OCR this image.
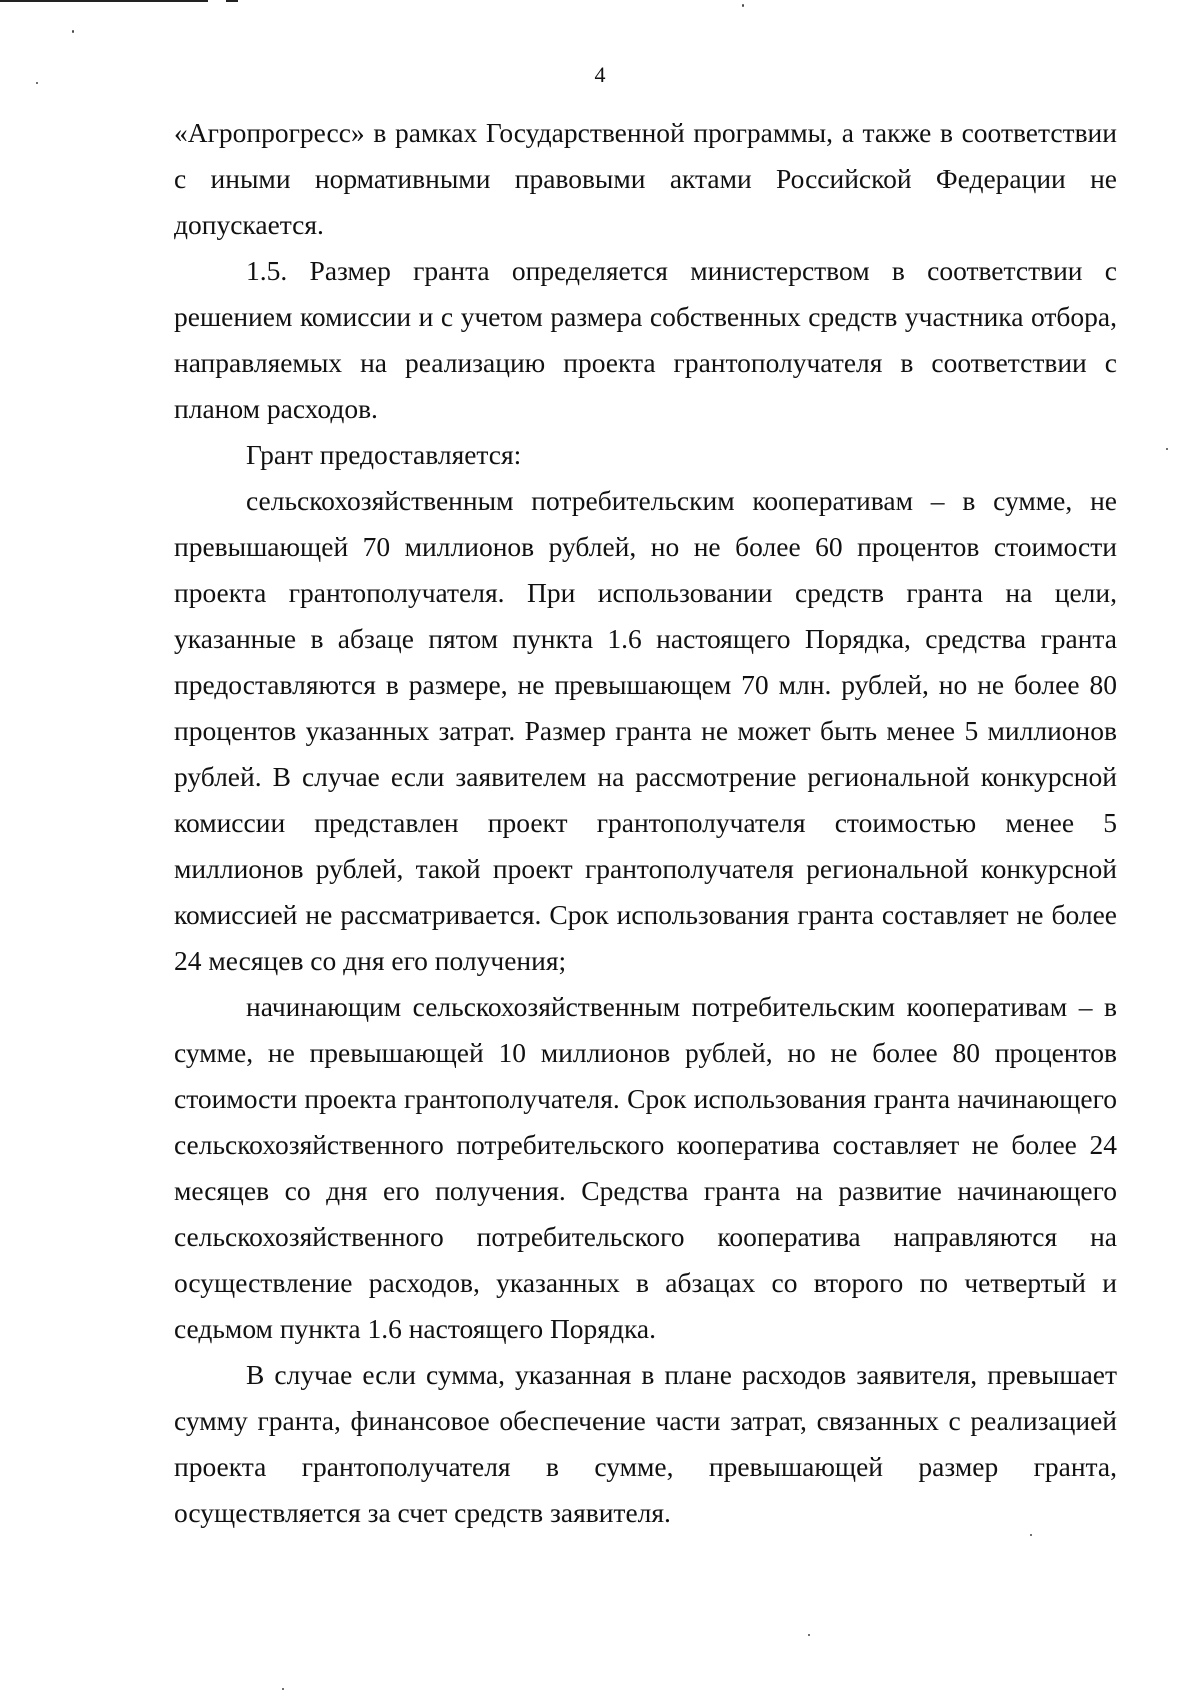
4

«Агропрогресс» в рамках Государственной программы, а также в соответствии с иными нормативными правовыми актами Российской Федерации не допускается.

1.5. Размер гранта определяется министерством в соответствии с решением комиссии и с учетом размера собственных средств участника отбора, направляемых на реализацию проекта грантополучателя в соответствии с планом расходов.

Грант предоставляется:

сельскохозяйственным потребительским кооперативам – в сумме, не превышающей 70 миллионов рублей, но не более 60 процентов стоимости проекта грантополучателя. При использовании средств гранта на цели, указанные в абзаце пятом пункта 1.6 настоящего Порядка, средства гранта предоставляются в размере, не превышающем 70 млн. рублей, но не более 80 процентов указанных затрат. Размер гранта не может быть менее 5 миллионов рублей. В случае если заявителем на рассмотрение региональной конкурсной комиссии представлен проект грантополучателя стоимостью менее 5 миллионов рублей, такой проект грантополучателя региональной конкурсной комиссией не рассматривается. Срок использования гранта составляет не более 24 месяцев со дня его получения;

начинающим сельскохозяйственным потребительским кооперативам – в сумме, не превышающей 10 миллионов рублей, но не более 80 процентов стоимости проекта грантополучателя. Срок использования гранта начинающего сельскохозяйственного потребительского кооператива составляет не более 24 месяцев со дня его получения. Средства гранта на развитие начинающего сельскохозяйственного потребительского кооператива направляются на осуществление расходов, указанных в абзацах со второго по четвертый и седьмом пункта 1.6 настоящего Порядка.

В случае если сумма, указанная в плане расходов заявителя, превышает сумму гранта, финансовое обеспечение части затрат, связанных с реализацией проекта грантополучателя в сумме, превышающей размер гранта, осуществляется за счет средств заявителя.
